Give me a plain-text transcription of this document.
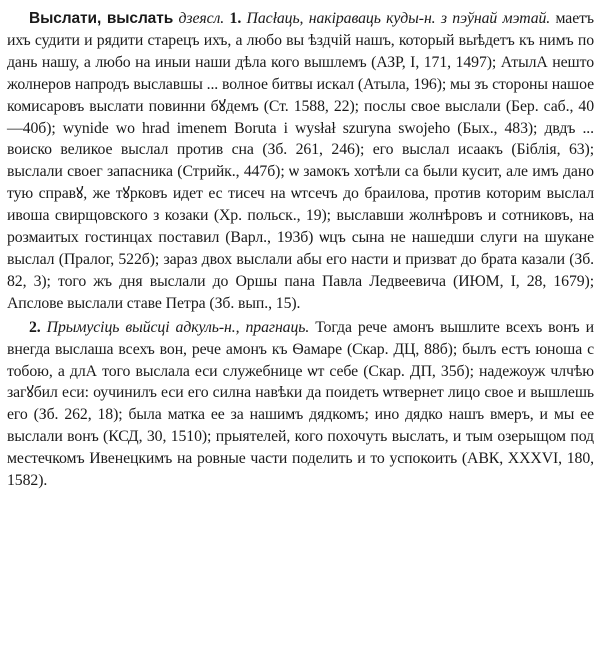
Выслати, выслать дзеясл. 1. Пасłаць, накіраваць куды-н. з пэўнай мэтай. маетъ ихъ судити и рядити старецъ ихъ, а любо вы ѣздчій нашъ, который выѣдетъ къ нимъ по дань нашу, а любо на иныи наши дѣла кого вышлемъ (АЗР, І, 171, 1497); АтылА нешто жолнеров напродъ выславшы ... волное битвы искал (Атыла, 196); мы зъ стороны нашое комисаровъ выслати повинни бꙋдемъ (Ст. 1588, 22); послы свое выслали (Бер. саб., 40—40б); wynide wo hrad imenem Boruta i wysłał szurуna swojeho (Бых., 483); двдъ ... воиско великое выслал против сна (Зб. 261, 246); его выслал исаакъ (Біблія, 63); выслали своег запасника (Стрийк., 447б); ѡ замокъ хотѣли са были кусит, але имъ дано тую справꙋ, же тꙋрковъ идет ес тисеч на ѡтсечъ до браилова, против которим выслал ивоша свирщовского з козаки (Хр. польск., 19); выславши жолнѣровъ и сотниковъ, на розмаитых гостинцах поставил (Варл., 193б) ѡцъ сына не нашедши слуги на шукане выслал (Пралог, 522б); зараз двох выслали абы его насти и призват до брата казали (Зб. 82, 3); того жъ дня выслали до Оршы пана Павла Ледвеевича (ИЮМ, І, 28, 1679); Апслове выслали ставе Петра (Зб. вып., 15).

2. Прымусіць выйсці адкуль-н., прагнаць. Тогда рече амонъ вышлите всехъ вонъ и внегда выслаша всехъ вон, рече амонъ къ Ѳамаре (Скар. ДЦ, 88б); былъ естъ юноша с тобою, а длА того выслала еси служебнице ѡт себе (Скар. ДП, 35б); надежоуж члчѣю загꙋбил еси: оучинилъ еси его силна навѣки да поидеть ѡтвернет лицо свое и вышлешь его (Зб. 262, 18); была матка ее за нашимъ дядкомъ; ино дядко нашъ вмеръ, и мы ее выслали вонъ (КСД, 30, 1510); прыятелей, кого похочуть выслать, и тым озерыщом под местечкомъ Ивенецкимъ на ровные части поделить и то успокоить (АВК, XXXVI, 180, 1582).
